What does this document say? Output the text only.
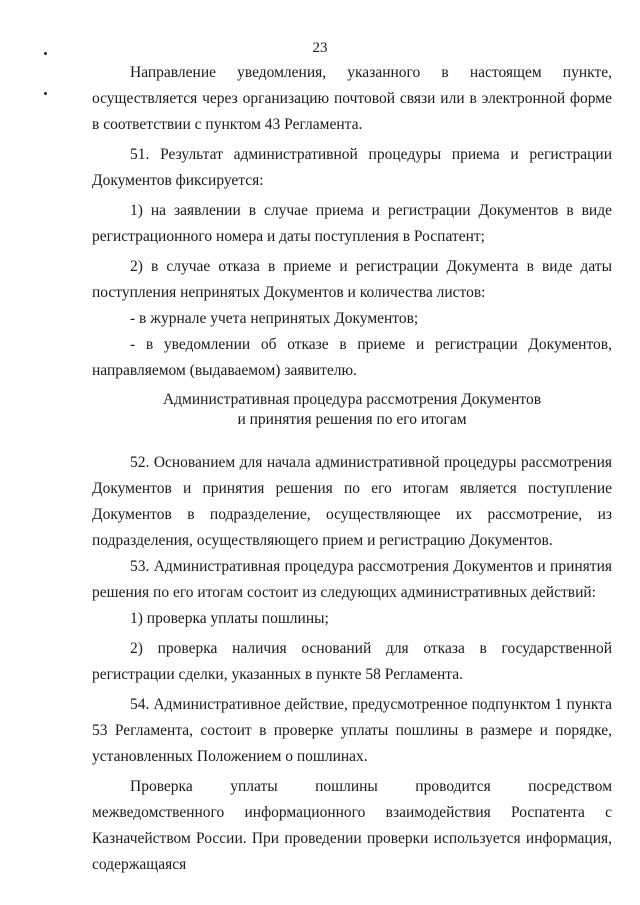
23

Направление уведомления, указанного в настоящем пункте, осуществляется через организацию почтовой связи или в электронной форме в соответствии с пунктом 43 Регламента.

51. Результат административной процедуры приема и регистрации Документов фиксируется:

1) на заявлении в случае приема и регистрации Документов в виде регистрационного номера и даты поступления в Роспатент;

2) в случае отказа в приеме и регистрации Документа в виде даты поступления непринятых Документов и количества листов:

- в журнале учета непринятых Документов;

- в уведомлении об отказе в приеме и регистрации Документов, направляемом (выдаваемом) заявителю.

Административная процедура рассмотрения Документов
и принятия решения по его итогам

52. Основанием для начала административной процедуры рассмотрения Документов и принятия решения по его итогам является поступление Документов в подразделение, осуществляющее их рассмотрение, из подразделения, осуществляющего прием и регистрацию Документов.

53. Административная процедура рассмотрения Документов и принятия решения по его итогам состоит из следующих административных действий:

1) проверка уплаты пошлины;

2) проверка наличия оснований для отказа в государственной регистрации сделки, указанных в пункте 58 Регламента.

54. Административное действие, предусмотренное подпунктом 1 пункта 53 Регламента, состоит в проверке уплаты пошлины в размере и порядке, установленных Положением о пошлинах.

Проверка уплаты пошлины проводится посредством межведомственного информационного взаимодействия Роспатента с Казначейством России. При проведении проверки используется информация, содержащаяся
